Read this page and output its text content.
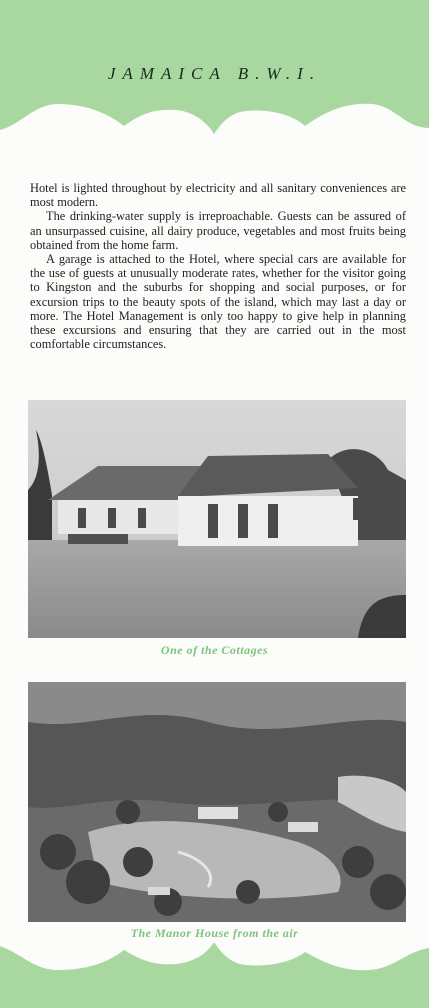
JAMAICA B.W.I.

Hotel is lighted throughout by electricity and all sanitary conveniences are most modern.

The drinking-water supply is irreproachable. Guests can be assured of an unsurpassed cuisine, all dairy produce, vegetables and most fruits being obtained from the home farm.

A garage is attached to the Hotel, where special cars are available for the use of guests at unusually moderate rates, whether for the visitor going to Kingston and the suburbs for shopping and social purposes, or for excursion trips to the beauty spots of the island, which may last a day or more. The Hotel Management is only too happy to give help in planning these excursions and ensuring that they are carried out in the most comfortable circumstances.

One of the Cottages
The Manor House from the air
